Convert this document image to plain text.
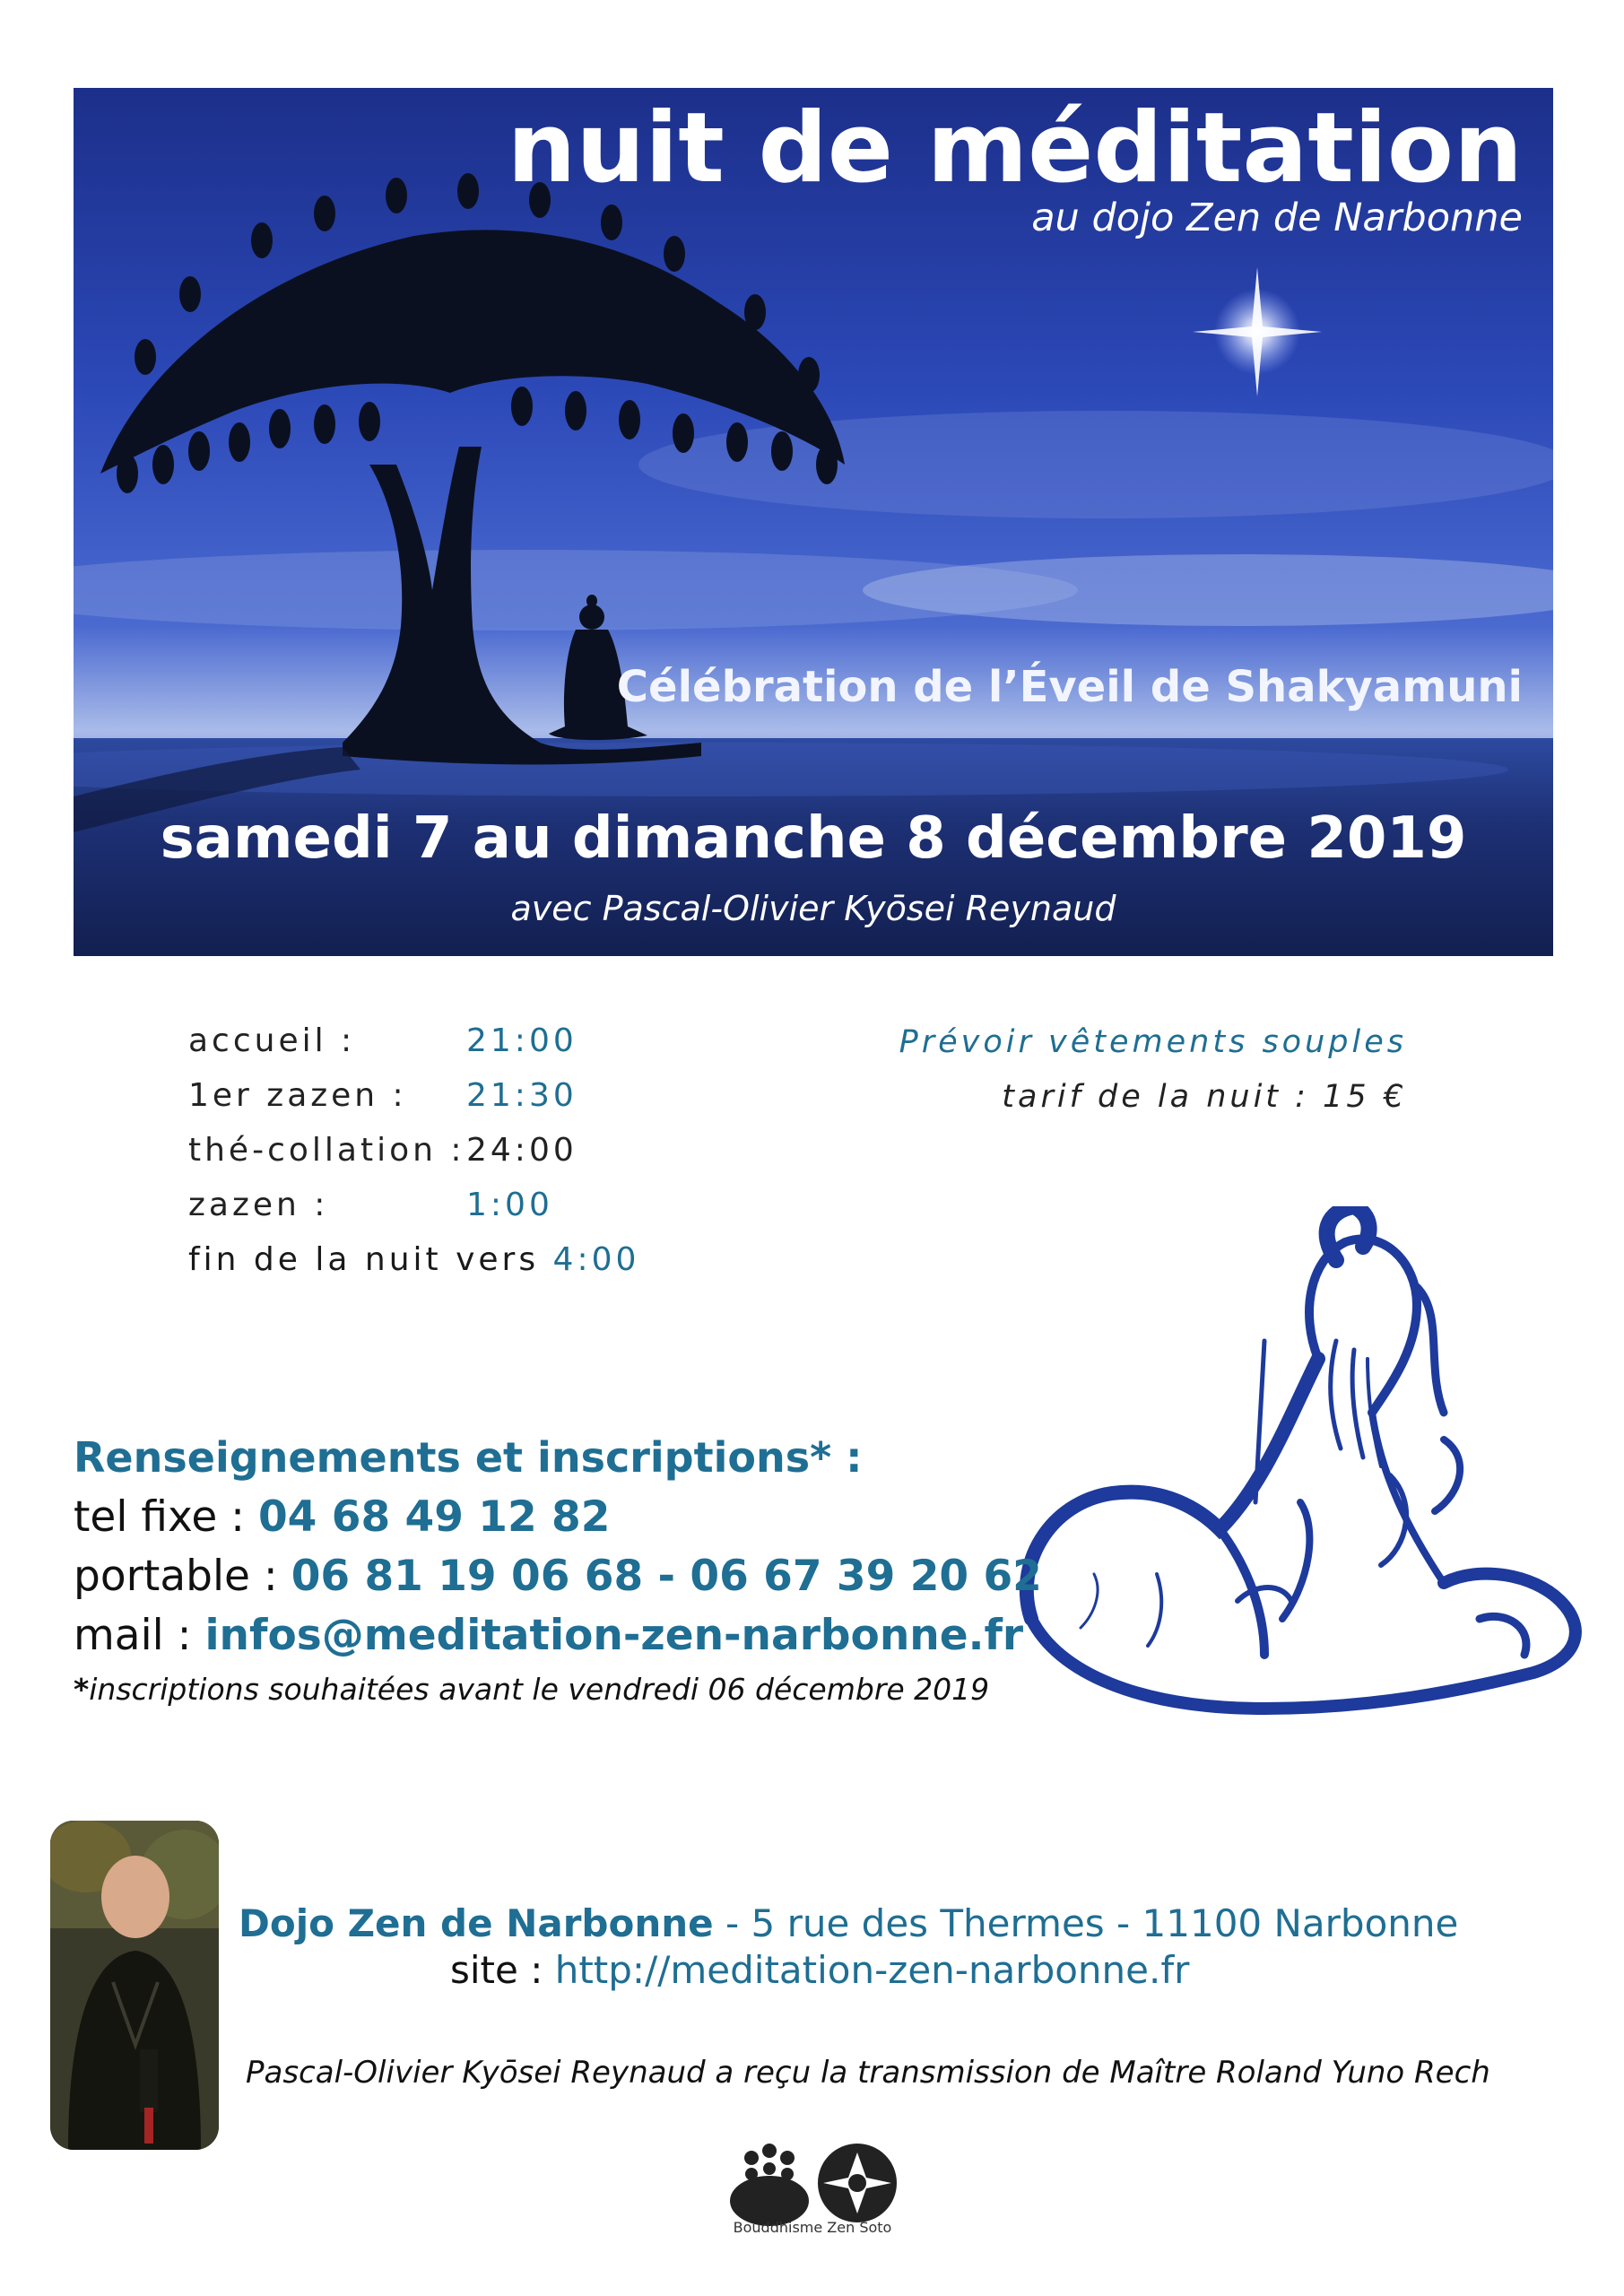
nuit de méditation
au dojo Zen de Narbonne
Célébration de l’Éveil de Shakyamuni
samedi 7 au dimanche 8 décembre 2019
avec Pascal-Olivier Kyōsei Reynaud
accueil :	21:00
1er zazen : 21:30
thé-collation : 24:00
zazen :	1:00
fin de la nuit vers 4:00
Prévoir vêtements souples
tarif de la nuit : 15 €
Renseignements et inscriptions* :
tel fixe : 04 68 49 12 82
portable : 06 81 19 06 68 - 06 67 39 20 62
mail : infos@meditation-zen-narbonne.fr
*inscriptions souhaitées avant le vendredi 06 décembre 2019
Dojo Zen de Narbonne - 5 rue des Thermes - 11100 Narbonne
site : http://meditation-zen-narbonne.fr
Pascal-Olivier Kyōsei Reynaud a reçu la transmission de Maître Roland Yuno Rech
Bouddhisme Zen Soto
